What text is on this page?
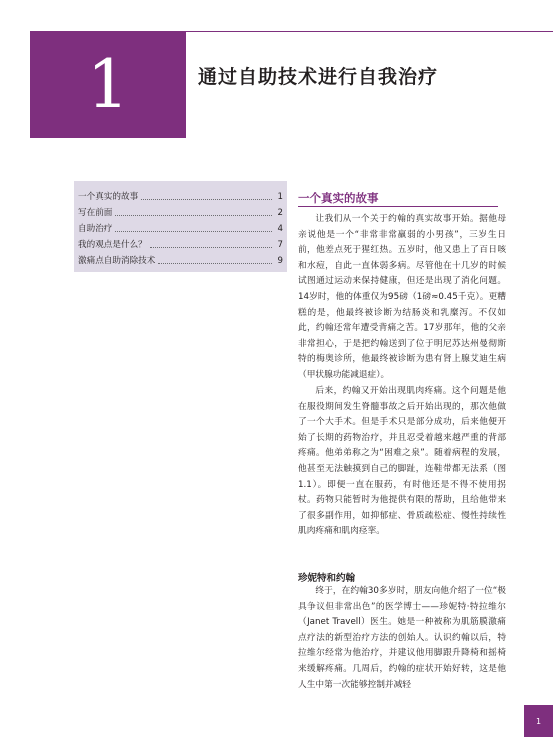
1	通过自助技术进行自我治疗
一个真实的故事	1
写在前面	2
自助治疗	4
我的观点是什么？	7
激痛点自助消除技术	9
一个真实的故事

让我们从一个关于约翰的真实故事开始。据他母亲说他是一个“非常非常羸弱的小男孩”，三岁生日前，他差点死于猩红热。五岁时，他又患上了百日咳和水痘，自此一直体弱多病。尽管他在十几岁的时候试图通过运动来保持健康，但还是出现了消化问题。14岁时，他的体重仅为95磅（1磅≈0.45千克）。更糟糕的是，他最终被诊断为结肠炎和乳糜泻。不仅如此，约翰还常年遭受背痛之苦。17岁那年，他的父亲非常担心，于是把约翰送到了位于明尼苏达州曼彻斯特的梅奥诊所，他最终被诊断为患有肾上腺艾迪生病（甲状腺功能减退症）。

后来，约翰又开始出现肌肉疼痛。这个问题是他在服役期间发生脊髓事故之后开始出现的，那次他做了一个大手术。但是手术只是部分成功，后来他便开始了长期的药物治疗，并且忍受着越来越严重的背部疼痛。他弟弟称之为“困难之泉”。随着病程的发展，他甚至无法触摸到自己的脚趾，连鞋带都无法系（图1.1）。即便一直在服药，有时他还是不得不使用拐杖。药物只能暂时为他提供有限的帮助，且给他带来了很多副作用，如抑郁症、骨质疏松症、慢性持续性肌肉疼痛和肌肉痉挛。

珍妮特和约翰

终于，在约翰30多岁时，朋友向他介绍了一位“极具争议但非常出色”的医学博士——珍妮特·特拉维尔（Janet Travell）医生。她是一种被称为肌筋膜激痛点疗法的新型治疗方法的创始人。认识约翰以后，特拉维尔经常为他治疗，并建议他用脚跟升降椅和摇椅来缓解疼痛。几周后，约翰的症状开始好转，这是他人生中第一次能够控制并减轻

1
